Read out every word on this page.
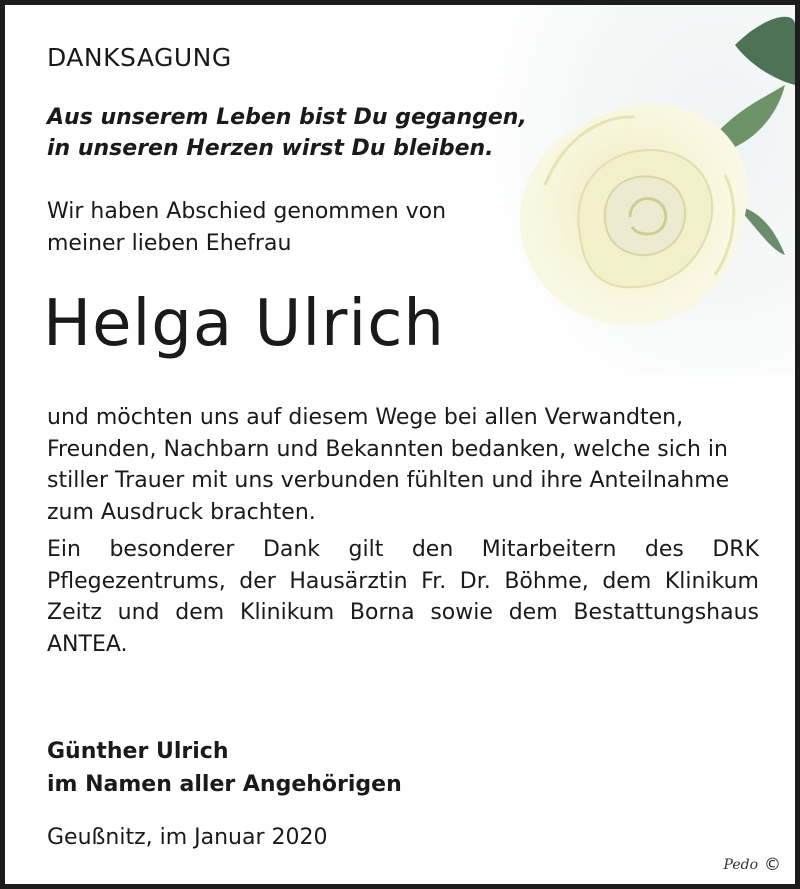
DANKSAGUNG
Aus unserem Leben bist Du gegangen,
in unseren Herzen wirst Du bleiben.
Wir haben Abschied genommen von
meiner lieben Ehefrau
Helga Ulrich

und möchten uns auf diesem Wege bei allen Verwandten, Freunden, Nachbarn und Bekannten bedanken, welche sich in stiller Trauer mit uns verbunden fühlten und ihre Anteilnahme zum Ausdruck brachten.

Ein besonderer Dank gilt den Mitarbeitern des DRK Pflegezentrums, der Hausärztin Fr. Dr. Böhme, dem Klinikum Zeitz und dem Klinikum Borna sowie dem Bestattungshaus ANTEA.

Günther Ulrich
im Namen aller Angehörigen
Geußnitz, im Januar 2020
Pedo ©
